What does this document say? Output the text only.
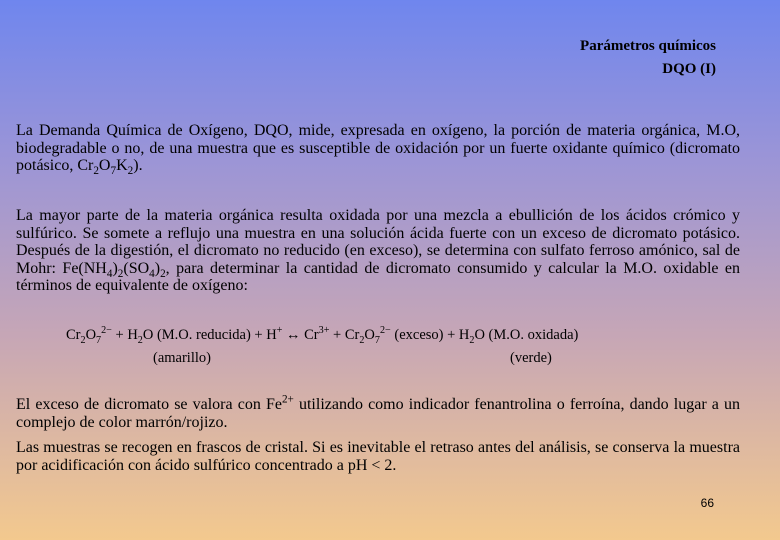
Parámetros químicos
DQO (I)
La Demanda Química de Oxígeno, DQO, mide, expresada en oxígeno, la porción de materia orgánica, M.O, biodegradable o no, de una muestra que es susceptible de oxidación por un fuerte oxidante químico (dicromato potásico, $Cr_2O_7K_2$).
La mayor parte de la materia orgánica resulta oxidada por una mezcla a ebullición de los ácidos crómico y sulfúrico. Se somete a reflujo una muestra en una solución ácida fuerte con un exceso de dicromato potásico. Después de la digestión, el dicromato no reducido (en exceso), se determina con sulfato ferroso amónico, sal de Mohr: $Fe(NH_4)_2(SO_4)_2$, para determinar la cantidad de dicromato consumido y calcular la M.O. oxidable en términos de equivalente de oxígeno:
$Cr_2O_7^{2-} + H_2O$ (M.O. reducida) + H+ ↔ $Cr^{3+} + Cr_2O_7^{2-}$ (exceso) + $H_2O$ (M.O. oxidada)
(amarillo)	(verde)
El exceso de dicromato se valora con $Fe^{2+}$ utilizando como indicador fenantrolina o ferroína, dando lugar a un complejo de color marrón/rojizo.
Las muestras se recogen en frascos de cristal. Si es inevitable el retraso antes del análisis, se conserva la muestra por acidificación con ácido sulfúrico concentrado a pH < 2.
66
